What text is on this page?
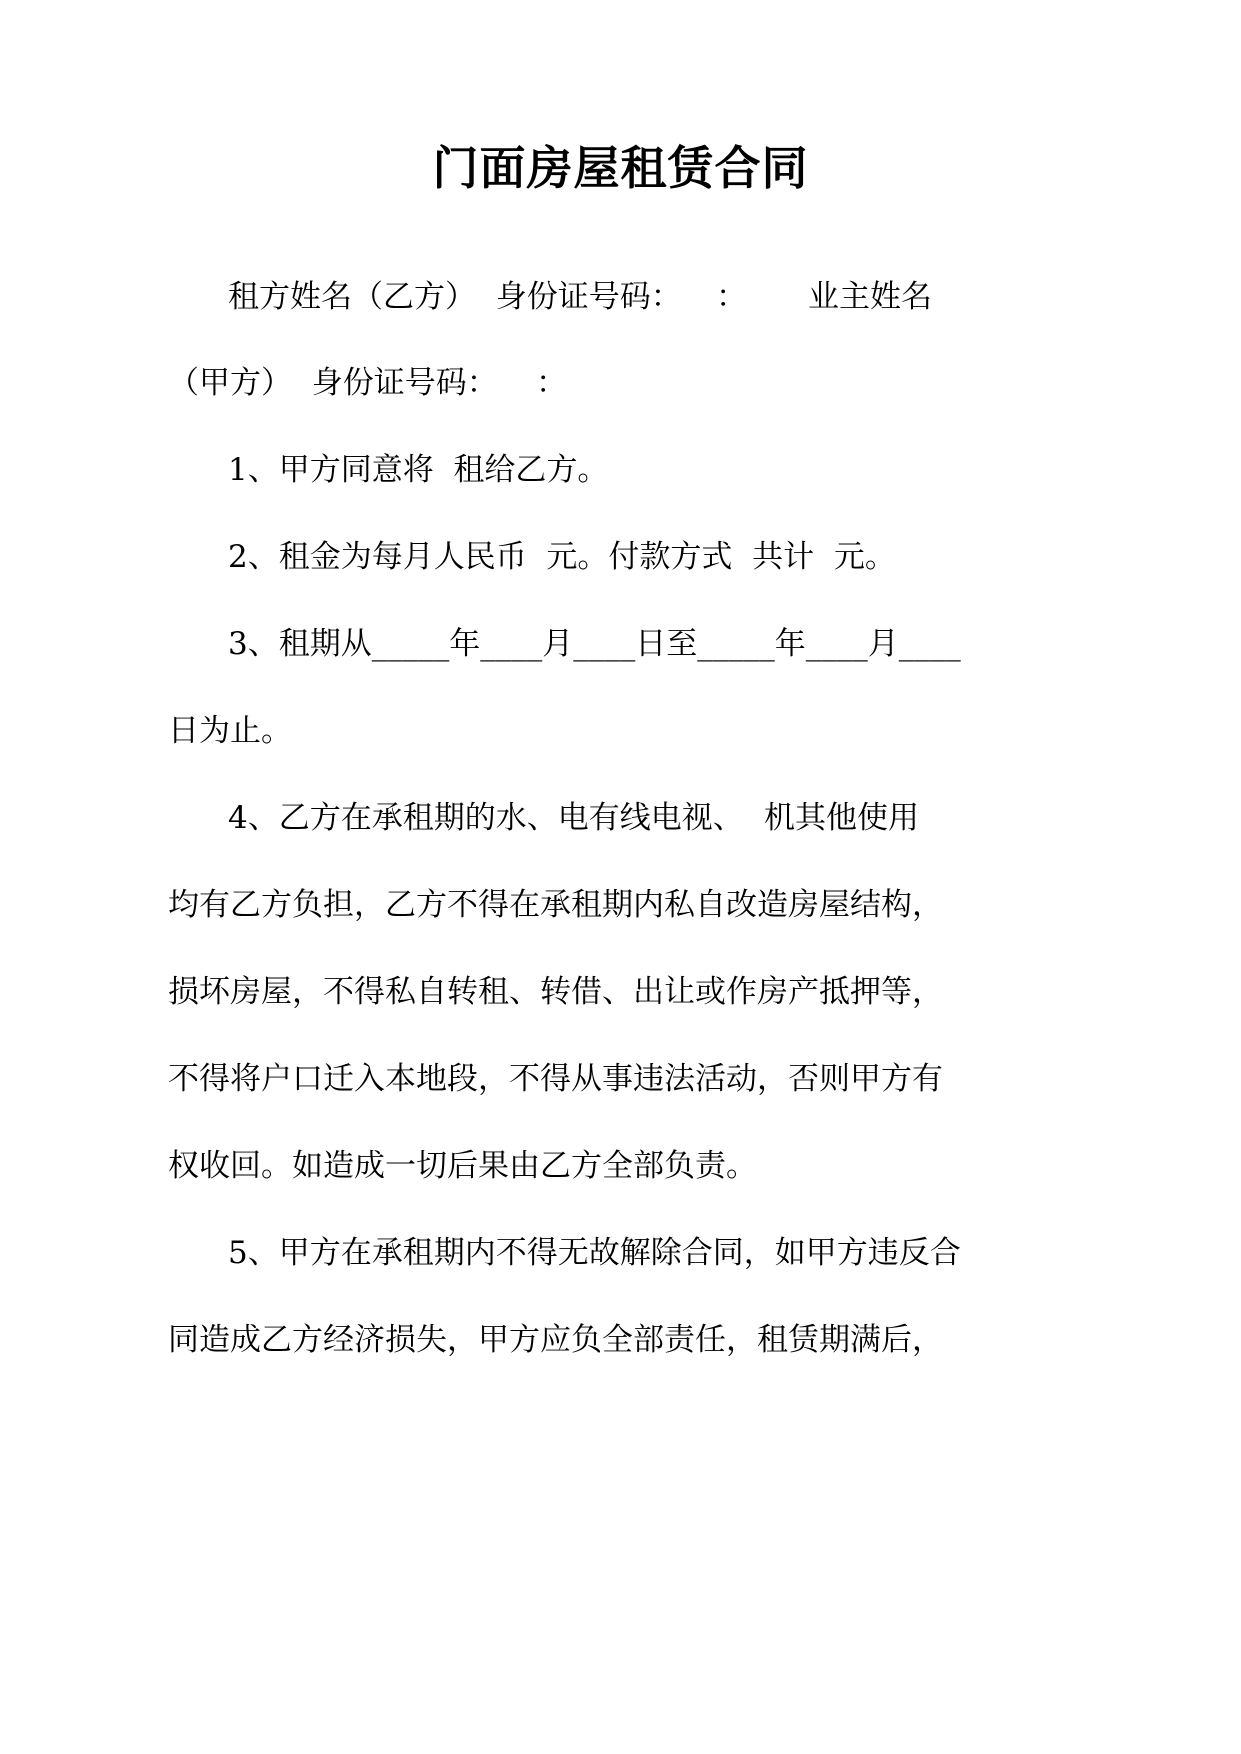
门面房屋租赁合同

租方姓名（乙方）  身份证号码：

：

业主姓名

（甲方）  身份证号码：

：

1、甲方同意将  租给乙方。

2、租金为每月人民币  元。付款方式  共计  元。

3、租期从_____年____月____日至_____年____月____

日为止。

4、乙方在承租期的水、电有线电视、

机其他使用

均有乙方负担，乙方不得在承租期内私自改造房屋结构，

损坏房屋，不得私自转租、转借、出让或作房产抵押等，

不得将户口迁入本地段，不得从事违法活动，否则甲方有

权收回。如造成一切后果由乙方全部负责。

5、甲方在承租期内不得无故解除合同，如甲方违反合

同造成乙方经济损失，甲方应负全部责任，租赁期满后，
